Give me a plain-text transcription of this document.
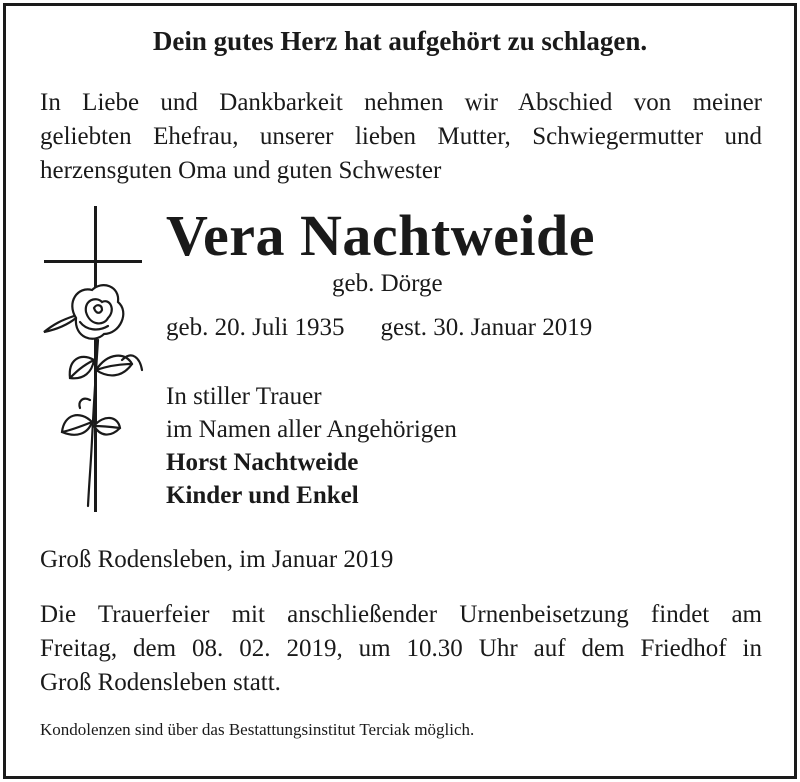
Dein gutes Herz hat aufgehört zu schlagen.
In Liebe und Dankbarkeit nehmen wir Abschied von meiner
geliebten Ehefrau, unserer lieben Mutter, Schwiegermutter und
herzensguten Oma und guten Schwester
Vera Nachtweide
geb. Dörge
geb. 20. Juli 1935 gest. 30. Januar 2019
In stiller Trauer
im Namen aller Angehörigen
Horst Nachtweide
Kinder und Enkel
Groß Rodensleben, im Januar 2019
Die Trauerfeier mit anschließender Urnenbeisetzung findet am
Freitag, dem 08. 02. 2019, um 10.30 Uhr auf dem Friedhof in
Groß Rodensleben statt.
Kondolenzen sind über das Bestattungsinstitut Terciak möglich.
